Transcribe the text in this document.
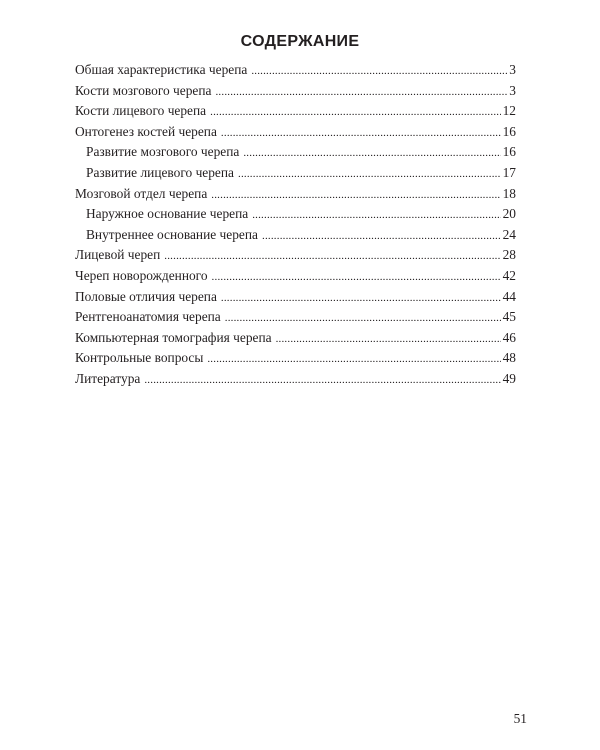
СОДЕРЖАНИЕ
Обшая характеристика черепа .....	3
Кости мозгового черепа .....	3
Кости лицевого черепа .....	12
Онтогенез костей черепа .....	16
Развитие мозгового черепа .....	16
Развитие лицевого черепа .....	17
Мозговой отдел черепа .....	18
Наружное основание черепа .....	20
Внутреннее основание черепа .....	24
Лицевой череп .....	28
Череп новорожденного .....	42
Половые отличия черепа .....	44
Рентгеноанатомия черепа .....	45
Компьютерная томография черепа .....	46
Контрольные вопросы .....	48
Литература .....	49
51
